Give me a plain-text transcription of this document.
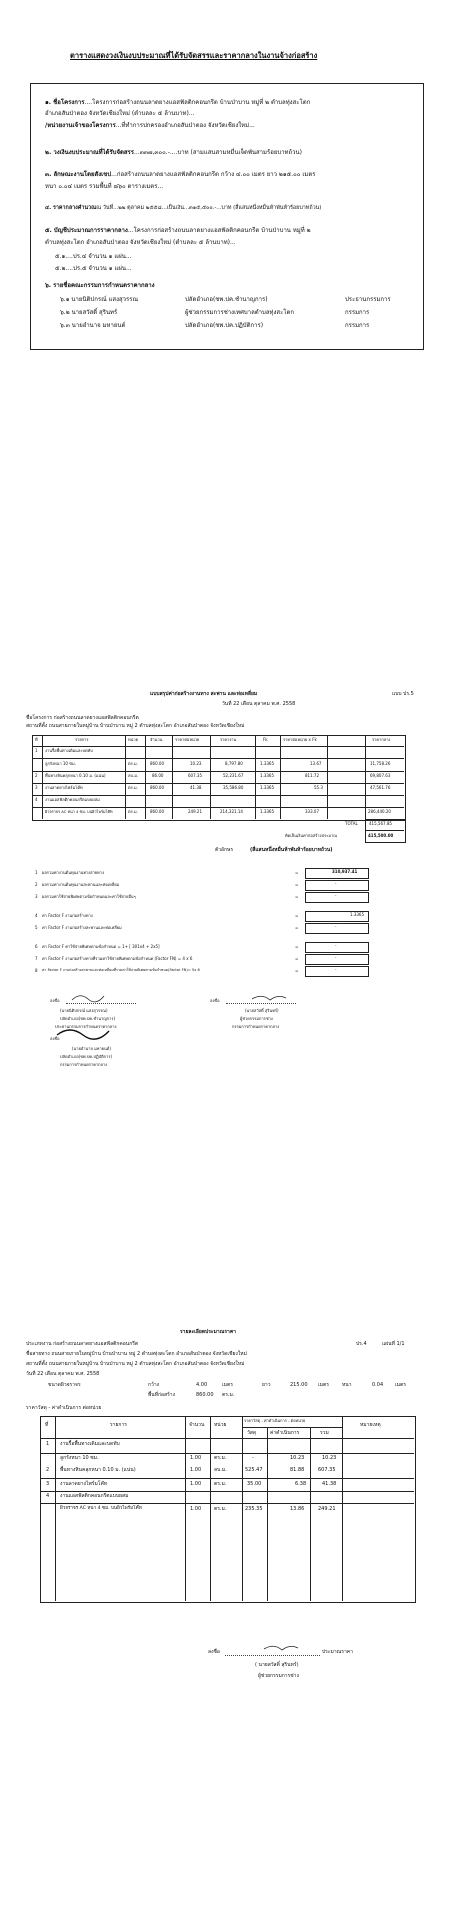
ตารางแสดงวงเงินงบประมาณที่ได้รับจัดสรรและราคากลางในงานจ้างก่อสร้าง
๑. ชื่อโครงการ....โครงการก่อสร้างถนนลาดยางแอสฟัลติกคอนกรีต บ้านป่าบาน หมู่ที่ ๒ ตำบลทุ่งสะโตก
อำเภอสันป่าตอง จังหวัดเชียงใหม่ (ตำบลละ ๕ ล้านบาท)...
/หน่วยงานเจ้าของโครงการ...ที่ทำการปกครองอำเภอสันป่าตอง จังหวัดเชียงใหม่...
๒. วงเงินงบประมาณที่ได้รับจัดสรร...๓๓๗,๓๐๐.-....บาท (สามแสนสามหมื่นเจ็ดพันสามร้อยบาทถ้วน)
๓. ลักษณะงานโดยสังเขป...ก่อสร้างถนนลาดยางแอสฟัลติกคอนกรีต กว้าง ๔.๐๐ เมตร ยาว ๒๑๕.๐๐ เมตร
หนา ๐.๐๔ เมตร รวมพื้นที่ ๘๖๐ ตารางเมตร...
๔. ราคากลางคำนวณณ วันที่...๒๒ ตุลาคม ๒๕๕๘...เป็นเงิน...๓๑๕,๕๐๐.-...บาท (สี่แสนหนึ่งหมื่นห้าพันห้าร้อยบาทถ้วน)
๕. บัญชีประมาณการราคากลาง...โครงการก่อสร้างถนนลาดยางแอสฟัลติกคอนกรีต บ้านป่าบาน หมู่ที่ ๒
ตำบลทุ่งสะโตก อำเภอสันป่าตอง จังหวัดเชียงใหม่ (ตำบลละ ๕ ล้านบาท)...
๕.๑....ปร.๔ จำนวน ๑ แผ่น...
๕.๒....ปร.๕ จำนวน ๑ แผ่น...
๖. รายชื่อคณะกรรมการกำหนดราคากลาง
๖.๑ นายนิติปกรณ์ แสงสุวรรณ	ปลัดอำเภอ(ชพ.ปค.ชำนาญการ)	ประธานกรรมการ
๖.๒ นายสวัสดิ์ สุรินทร์	ผู้ช่วยกรรมการช่างเทศบาลตำบลทุ่งสะโตก	กรรมการ
๖.๓ นายอำนาจ มหายนต์	ปลัดอำเภอ(ชพ.ปค.ปฏิบัติการ)	กรรมการ
แบบสรุปค่าก่อสร้างงานทาง สะพาน และท่อเหลี่ยม	แบบ ปร.5
วันที่ 22 เดือน ตุลาคม พ.ศ. 2558
ชื่อโครงการ ก่อสร้างถนนลาดยางแอสฟัลติกคอนกรีต
สถานที่ตั้ง ถนนสายภายในหมู่บ้าน บ้านป่าบาน หมู่ 2 ตำบลทุ่งสะโตก อำเภอสันป่าตอง จังหวัดเชียงใหม่
ที่	รายการ	หน่วย	จำนวน	ราคาต่อหน่วย	ราคางาน	Fk	ราคาต่อหน่วย x Fk	ราคากลาง
1 งานรื้อพื้นทางเดิมและบดทับ
ลูกรังหนา 10 ซม.	ตร.ม.	860.00	10.23	8,797.80	1.3365	13.67	11,758.26
2 พื้นทางหินคลุกหนา 0.10 ม. (แน่น)	ลบ.ม.	86.00	607.35	52,231.67	1.3365	811.72	69,807.63
3 งานลาดยางไพร์มโค๊ท	ตร.ม.	860.00	41.38	35,586.80	1.3365	55.3	47,561.76
4 งานแอสฟัลติกคอนกรีตแบบผสม
ผิวจราจร AC หนา 4 ซม. บนผิวไพร์มโค๊ท	ตร.ม.	860.00	249.21	214,321.14	1.3365	333.07	286,440.20
TOTAL	415,567.85
คิดเป็นเงินค่าก่อสร้างประมาณ	415,500.00
ตัวอักษร	(สี่แสนหนึ่งหมื่นห้าพันห้าร้อยบาทถ้วน)
1 ผลรวมค่างานต้นทุนงานทางสายทาง	=	310,937.41
2 ผลรวมค่างานต้นทุนงานสะพานและท่อเหลี่ยม	=	-
3 ผลรวมค่าใช้จ่ายพิเศษตามข้อกำหนดและค่าใช้จ่ายอื่นๆ	=	-
4 ค่า Factor F งานก่อสร้างทาง	=	1.3365
5 ค่า Factor F งานก่อสร้างสะพานและท่อเหลี่ยม	=	-
6 ค่า Factor F ค่าใช้จ่ายพิเศษตามข้อกำหนด = 1+ [ 301x4 + 2x5]	=	-
7 ค่า Factor F งานก่อสร้างทางที่รวมค่าใช้จ่ายพิเศษตามข้อกำหนด (Factor FN) = 4 x 6	=	-
8 ค่า Factor F งานก่อสร้างสะพานและท่อเหลี่ยมที่รวมค่าใช้จ่ายพิเศษตามข้อกำหนด(Factor FN)= 5x 6	=	-
ลงชื่อ
(นายนิติปกรณ์ แสงสุวรรณ)
ปลัดอำเภอ(ชพ.ปค.ชำนาญการ)
ประธานกรรมการกำหนดราคากลาง
ลงชื่อ
(นายสวัสดิ์ สุรินทร์)
ผู้ช่วยกรรมการช่าง
กรรมการกำหนดราคากลาง
ลงชื่อ
(นายอำนาจ มหายนต์)
ปลัดอำเภอ(ชพ.ปค.ปฏิบัติการ)
กรรมการกำหนดราคากลาง
รายละเอียดประมาณราคา
ปร.4	แผ่นที่ 1/1
ประเภทงาน ก่อสร้างถนนลาดยางแอสฟัลติกคอนกรีต
ชื่อสายทาง ถนนสายภายในหมู่บ้าน บ้านป่าบาน หมู่ 2 ตำบลทุ่งสะโตก อำเภอสันป่าตอง จังหวัดเชียงใหม่
สถานที่ตั้ง ถนนสายภายในหมู่บ้าน บ้านป่าบาน หมู่ 2 ตำบลทุ่งสะโตก อำเภอสันป่าตอง จังหวัดเชียงใหม่
วันที่ 22 เดือน ตุลาคม พ.ศ. 2558
ขนาดผิวจราจร	กว้าง	4.00	เมตร	ยาว	215.00 เมตร	หนา	0.04 เมตร
พื้นที่ก่อสร้าง	860.00 ตร.ม.
ราคาวัสดุ - ค่าดำเนินการ ต่อหน่วย
ที่	รายการ	จำนวน หน่วย
ราคาวัสดุ - ค่าดำเนินการ - ต่อหน่วย
วัสดุ	ค่าดำเนินการ	รวม
หมายเหตุ
1 งานรื้อพื้นทางเดิมและบดทับ
ลูกรังหนา 10 ซม.	1.00	ตร.ม.	-	10.23	10.23
2 พื้นทางหินคลุกหนา 0.10 ม. (แน่น)	1.00	ลบ.ม.	525.47	81.88	607.35
3 งานลาดยางไพร์มโค๊ท	1.00	ตร.ม.	35.00	6.38	41.38
4 งานแอสฟัลติกคอนกรีตแบบผสม
ผิวจราจร AC หนา 4 ซม. บนผิวไพร์มโค๊ท	1.00	ตร.ม.	235.35	13.86	249.21
ลงชื่อ	ประมาณราคา
( นายสวัสดิ์ สุรินทร์)
ผู้ช่วยกรรมการช่าง
